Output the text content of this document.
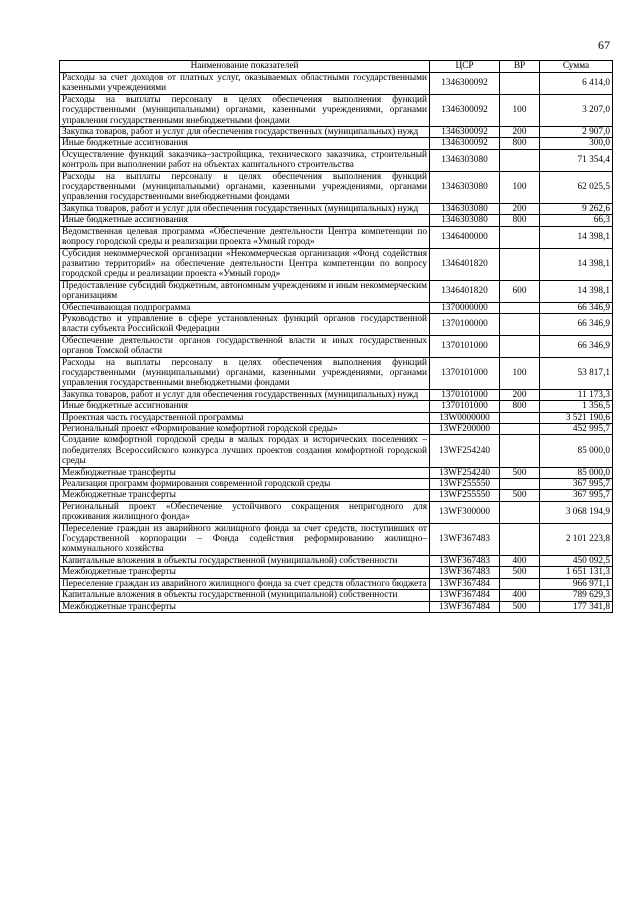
67
Наименование показателей	ЦСР	ВР	Сумма
Расходы за счет доходов от платных услуг, оказываемых областными государственными казенными учреждениями	1346300092		6 414,0
Расходы на выплаты персоналу в целях обеспечения выполнения функций государственными (муниципальными) органами, казенными учреждениями, органами управления государственными внебюджетными фондами	1346300092	100	3 207,0
Закупка товаров, работ и услуг для обеспечения государственных (муниципальных) нужд	1346300092	200	2 907,0
Иные бюджетные ассигнования	1346300092	800	300,0
Осуществление функций заказчика–застройщика, технического заказчика, строительный контроль при выполнении работ на объектах капитального строительства	1346303080		71 354,4
Расходы на выплаты персоналу в целях обеспечения выполнения функций государственными (муниципальными) органами, казенными учреждениями, органами управления государственными внебюджетными фондами	1346303080	100	62 025,5
Закупка товаров, работ и услуг для обеспечения государственных (муниципальных) нужд	1346303080	200	9 262,6
Иные бюджетные ассигнования	1346303080	800	66,3
Ведомственная целевая программа «Обеспечение деятельности Центра компетенции по вопросу городской среды и реализации проекта «Умный город»	1346400000		14 398,1
Субсидия некоммерческой организации «Некоммерческая организация «Фонд содействия развитию территорий» на обеспечение деятельности Центра компетенции по вопросу городской среды и реализации проекта «Умный город»	1346401820		14 398,1
Предоставление субсидий бюджетным, автономным учреждениям и иным некоммерческим организациям	1346401820	600	14 398,1
Обеспечивающая подпрограмма	1370000000		66 346,9
Руководство и управление в сфере установленных функций органов государственной власти субъекта Российской Федерации	1370100000		66 346,9
Обеспечение деятельности органов государственной власти и иных государственных органов Томской области	1370101000		66 346,9
Расходы на выплаты персоналу в целях обеспечения выполнения функций государственными (муниципальными) органами, казенными учреждениями, органами управления государственными внебюджетными фондами	1370101000	100	53 817,1
Закупка товаров, работ и услуг для обеспечения государственных (муниципальных) нужд	1370101000	200	11 173,3
Иные бюджетные ассигнования	1370101000	800	1 356,5
Проектная часть государственной программы	13W0000000		3 521 190,6
Региональный проект «Формирование комфортной городской среды»	13WF200000		452 995,7
Создание комфортной городской среды в малых городах и исторических поселениях – победителях Всероссийского конкурса лучших проектов создания комфортной городской среды	13WF254240		85 000,0
Межбюджетные трансферты	13WF254240	500	85 000,0
Реализация программ формирования современной городской среды	13WF255550		367 995,7
Межбюджетные трансферты	13WF255550	500	367 995,7
Региональный проект «Обеспечение устойчивого сокращения непригодного для проживания жилищного фонда»	13WF300000		3 068 194,9
Переселение граждан из аварийного жилищного фонда за счет средств, поступивших от Государственной корпорации – Фонда содействия реформированию жилищно–коммунального хозяйства	13WF367483		2 101 223,8
Капитальные вложения в объекты государственной (муниципальной) собственности	13WF367483	400	450 092,5
Межбюджетные трансферты	13WF367483	500	1 651 131,3
Переселение граждан из аварийного жилищного фонда за счет средств областного бюджета	13WF367484		966 971,1
Капитальные вложения в объекты государственной (муниципальной) собственности	13WF367484	400	789 629,3
Межбюджетные трансферты	13WF367484	500	177 341,8
